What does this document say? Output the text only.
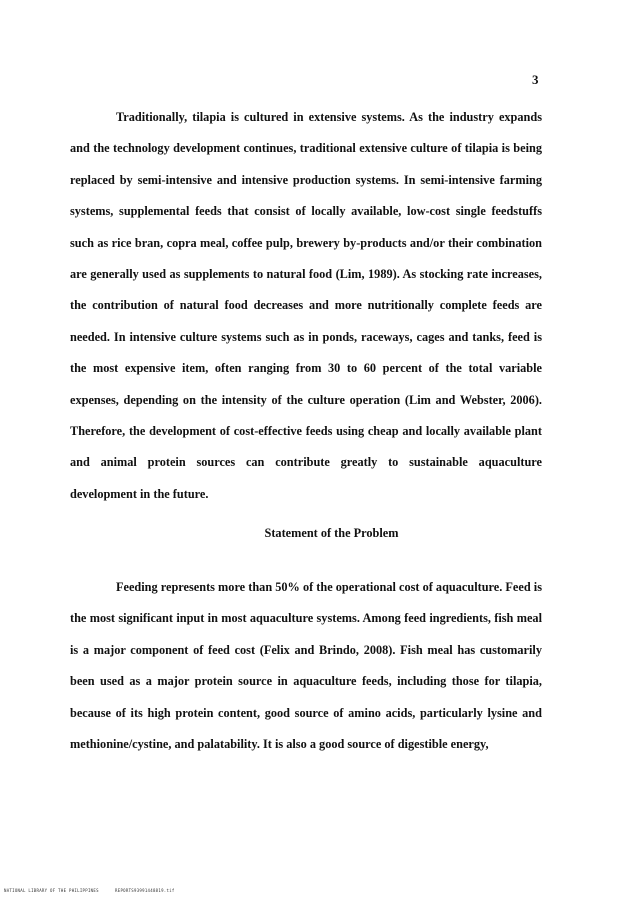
3

Traditionally, tilapia is cultured in extensive systems. As the industry expands and the technology development continues, traditional extensive culture of tilapia is being replaced by semi-intensive and intensive production systems. In semi-intensive farming systems, supplemental feeds that consist of locally available, low-cost single feedstuffs such as rice bran, copra meal, coffee pulp, brewery by-products and/or their combination are generally used as supplements to natural food (Lim, 1989). As stocking rate increases, the contribution of natural food decreases and more nutritionally complete feeds are needed. In intensive culture systems such as in ponds, raceways, cages and tanks, feed is the most expensive item, often ranging from 30 to 60 percent of the total variable expenses, depending on the intensity of the culture operation (Lim and Webster, 2006). Therefore, the development of cost-effective feeds using cheap and locally available plant and animal protein sources can contribute greatly to sustainable aquaculture development in the future.

Statement of the Problem

Feeding represents more than 50% of the operational cost of aquaculture. Feed is the most significant input in most aquaculture systems. Among feed ingredients, fish meal is a major component of feed cost (Felix and Brindo, 2008). Fish meal has customarily been used as a major protein source in aquaculture feeds, including those for tilapia, because of its high protein content, good source of amino acids, particularly lysine and methionine/cystine, and palatability. It is also a good source of digestible energy,

NATIONAL LIBRARY OF THE PHILIPPINES      REPORTS93991448819.tif
